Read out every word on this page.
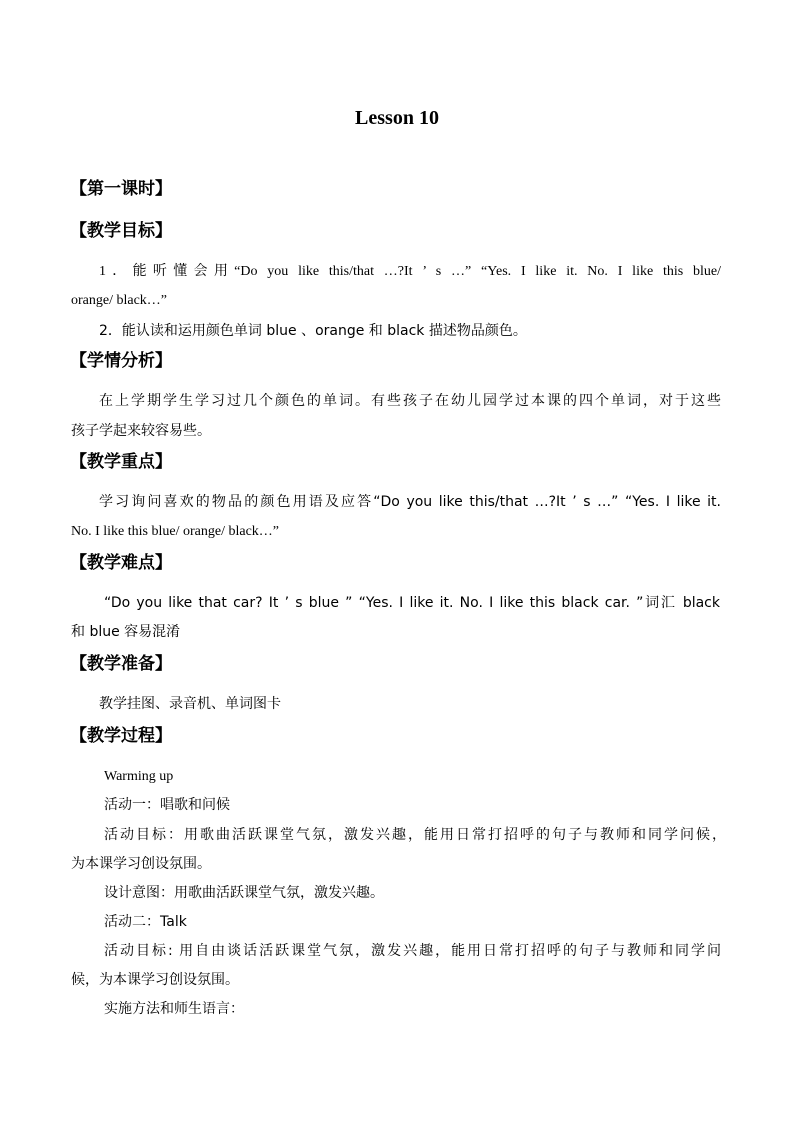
Lesson 10
【第一课时】
【教学目标】
1．能听懂会用“Do you like this/that …?It ’ s …” “Yes. I like it. No. I like this blue/
orange/ black…”
2．能认读和运用颜色单词 blue 、orange 和 black 描述物品颜色。
【学情分析】
在上学期学生学习过几个颜色的单词。有些孩子在幼儿园学过本课的四个单词，对于这些
孩子学起来较容易些。
【教学重点】
学习询问喜欢的物品的颜色用语及应答“Do you like this/that …?It ’ s …” “Yes. I like it.
No. I like this blue/ orange/ black…”
【教学难点】
“Do you like that car? It ’ s blue ” “Yes. I like it. No. I like this black car. ”词汇 black
和 blue 容易混淆
【教学准备】
教学挂图、录音机、单词图卡
【教学过程】
Warming up
活动一：唱歌和问候
活动目标：用歌曲活跃课堂气氛，激发兴趣，能用日常打招呼的句子与教师和同学问候，
为本课学习创设氛围。
设计意图：用歌曲活跃课堂气氛，激发兴趣。
活动二：Talk
活动目标: 用自由谈话活跃课堂气氛，激发兴趣，能用日常打招呼的句子与教师和同学问
候，为本课学习创设氛围。
实施方法和师生语言：
